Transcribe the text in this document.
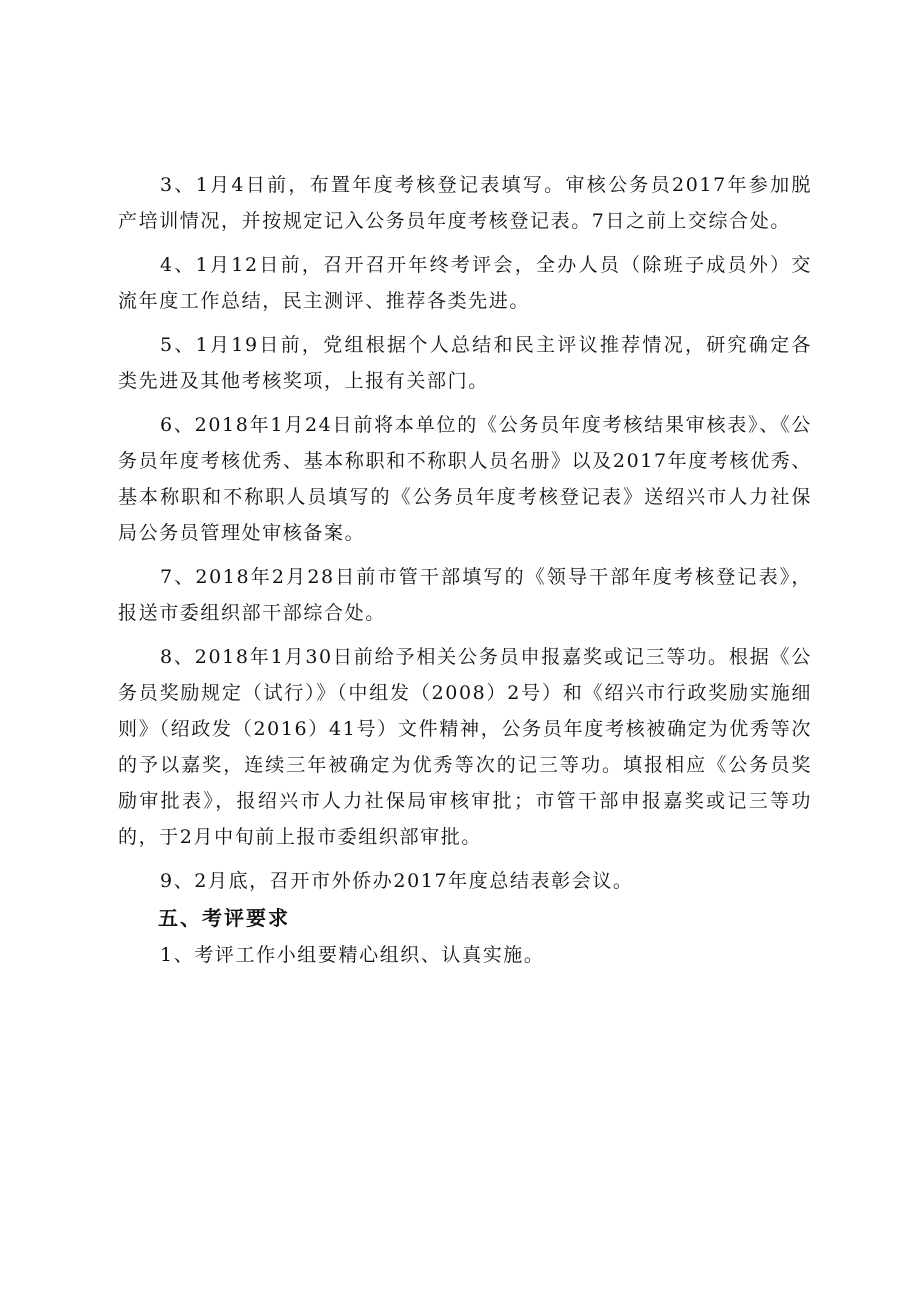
3、1月4日前，布置年度考核登记表填写。审核公务员2017年参加脱产培训情况，并按规定记入公务员年度考核登记表。7日之前上交综合处。

4、1月12日前，召开召开年终考评会，全办人员（除班子成员外）交流年度工作总结，民主测评、推荐各类先进。

5、1月19日前，党组根据个人总结和民主评议推荐情况，研究确定各类先进及其他考核奖项，上报有关部门。

6、2018年1月24日前将本单位的《公务员年度考核结果审核表》、《公务员年度考核优秀、基本称职和不称职人员名册》以及2017年度考核优秀、基本称职和不称职人员填写的《公务员年度考核登记表》送绍兴市人力社保局公务员管理处审核备案。

7、2018年2月28日前市管干部填写的《领导干部年度考核登记表》，报送市委组织部干部综合处。

8、2018年1月30日前给予相关公务员申报嘉奖或记三等功。根据《公务员奖励规定（试行）》（中组发（2008）2号）和《绍兴市行政奖励实施细则》（绍政发（2016）41号）文件精神，公务员年度考核被确定为优秀等次的予以嘉奖，连续三年被确定为优秀等次的记三等功。填报相应《公务员奖励审批表》，报绍兴市人力社保局审核审批；市管干部申报嘉奖或记三等功的，于2月中旬前上报市委组织部审批。

9、2月底，召开市外侨办2017年度总结表彰会议。

五、考评要求

1、考评工作小组要精心组织、认真实施。
